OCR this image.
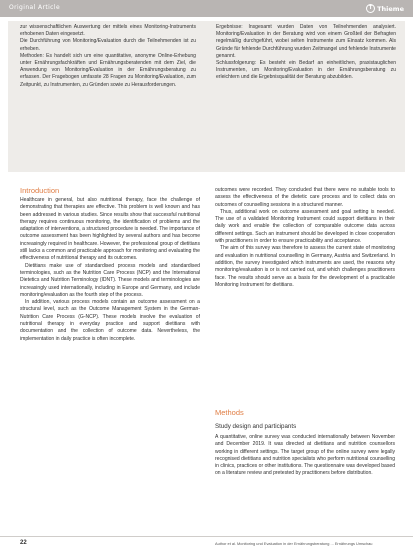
Original Article	T Thieme

zur wissenschaftlichen Auswertung der mittels eines Monitoring-Instruments erhobenen Daten eingesetzt.

Die Durchführung von Monitoring/Evaluation durch die Teilnehmenden ist zu erheben.

Methoden: Es handelt sich um eine quantitative, anonyme Online-Erhebung unter Ernährungsfachkräften und Ernährungsberatenden mit dem Ziel, die Anwendung von Monitoring/Evaluation in der Ernährungsberatung zu erfassen. Der Fragebogen umfasste 28 Fragen zu Monitoring/Evaluation, zum Zeitpunkt, zu Instrumenten, zu Gründen sowie zu Herausforderungen.

Ergebnisse: Insgesamt wurden Daten von Teilnehmenden analysiert. Monitoring/Evaluation in der Beratung wird von einem Großteil der Befragten regelmäßig durchgeführt, wobei selten Instrumente zum Einsatz kommen. Als Gründe für fehlende Durchführung wurden Zeitmangel und fehlende Instrumente genannt.

Schlussfolgerung: Es besteht ein Bedarf an einheitlichen, praxistauglichen Instrumenten, um Monitoring/Evaluation in der Ernährungsberatung zu erleichtern und die Ergebnisqualität der Beratung abzubilden.

Introduction

Healthcare in general, but also nutritional therapy, face the challenge of demonstrating that therapies are effective. This problem is well known and has been addressed in various studies. Since results show that successful nutritional therapy requires continuous monitoring, the identification of problems and the adaptation of interventions, a structured procedure is needed. The importance of outcome assessment has been highlighted by several authors and has become increasingly required in healthcare. However, the professional group of dietitians still lacks a common and practicable approach for monitoring and evaluating the effectiveness of nutritional therapy and its outcomes.

Dietitians make use of standardised process models and standardised terminologies, such as the Nutrition Care Process (NCP) and the International Dietetics and Nutrition Terminology (IDNT). These models and terminologies are increasingly used internationally, including in Europe and Germany, and include monitoring/evaluation as the fourth step of the process.

In addition, various process models contain an outcome assessment on a structural level, such as the Outcome Management System in the German-Nutrition Care Process (G-NCP). These models involve the evaluation of nutritional therapy in everyday practice and support dietitians with documentation and the collection of outcome data. Nevertheless, the implementation in daily practice is often incomplete.

outcomes were recorded. They concluded that there were no suitable tools to assess the effectiveness of the dietetic care process and to collect data on outcomes of counselling sessions in a structured manner.

Thus, additional work on outcome assessment and goal setting is needed. The use of a validated Monitoring Instrument could support dietitians in their daily work and enable the collection of comparable outcome data across different settings. Such an instrument should be developed in close cooperation with practitioners in order to ensure practicability and acceptance.

The aim of this survey was therefore to assess the current state of monitoring and evaluation in nutritional counselling in Germany, Austria and Switzerland. In addition, the survey investigated which instruments are used, the reasons why monitoring/evaluation is or is not carried out, and which challenges practitioners face. The results should serve as a basis for the development of a practicable Monitoring Instrument for dietitians.

Methods
Study design and participants

A quantitative, online survey was conducted internationally between November and December 2019. It was directed at dietitians and nutrition counsellors working in different settings. The target group of the online survey were legally recognised dietitians and nutrition specialists who perform nutritional counselling in clinics, practices or other institutions. The questionnaire was developed based on a literature review and pretested by practitioners before distribution.

22	Author et al. Monitoring und Evaluation in der Ernährungsberatung ... Ernährungs Umschau
